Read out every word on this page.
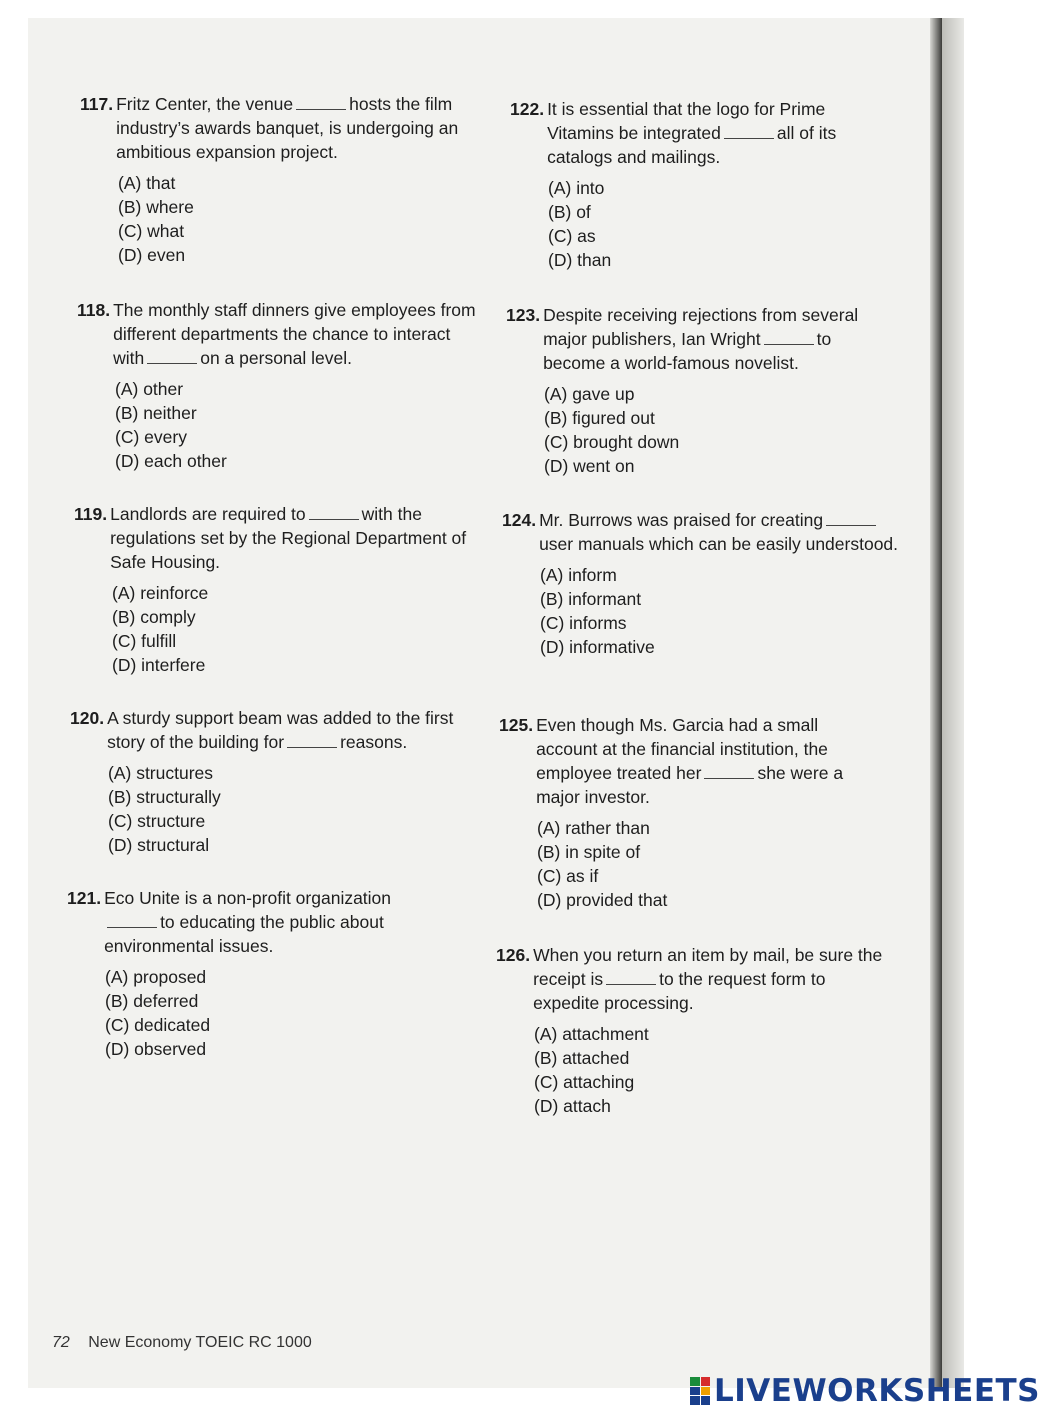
117. Fritz Center, the venue	hosts the film industry’s awards banquet, is undergoing an ambitious expansion project.
(A) that
(B) where
(C) what
(D) even
118. The monthly staff dinners give employees from different departments the chance to interact with	on a personal level.
(A) other
(B) neither
(C) every
(D) each other
119. Landlords are required to	with the regulations set by the Regional Department of Safe Housing.
(A) reinforce
(B) comply
(C) fulfill
(D) interfere
120. A sturdy support beam was added to the first story of the building for	reasons.
(A) structures
(B) structurally
(C) structure
(D) structural
121. Eco Unite is a non-profit organizationto educating the public about environmental issues.
(A) proposed
(B) deferred
(C) dedicated
(D) observed
122. It is essential that the logo for Prime Vitamins be integrated	all of its catalogs and mailings.
(A) into
(B) of
(C) as
(D) than
123. Despite receiving rejections from several major publishers, Ian Wright	to become a world-famous novelist.
(A) gave up
(B) figured out
(C) brought down
(D) went on
124. Mr. Burrows was praised for creatinguser manuals which can be easily understood.
(A) inform
(B) informant
(C) informs
(D) informative
125. Even though Ms. Garcia had a small account at the financial institution, the employee treated her	she were a major investor.
(A) rather than
(B) in spite of
(C) as if
(D) provided that
126. When you return an item by mail, be sure the receipt is	to the request form to expedite processing.
(A) attachment
(B) attached
(C) attaching
(D) attach
72 New Economy TOEIC RC 1000
LIVEWORKSHEETS
